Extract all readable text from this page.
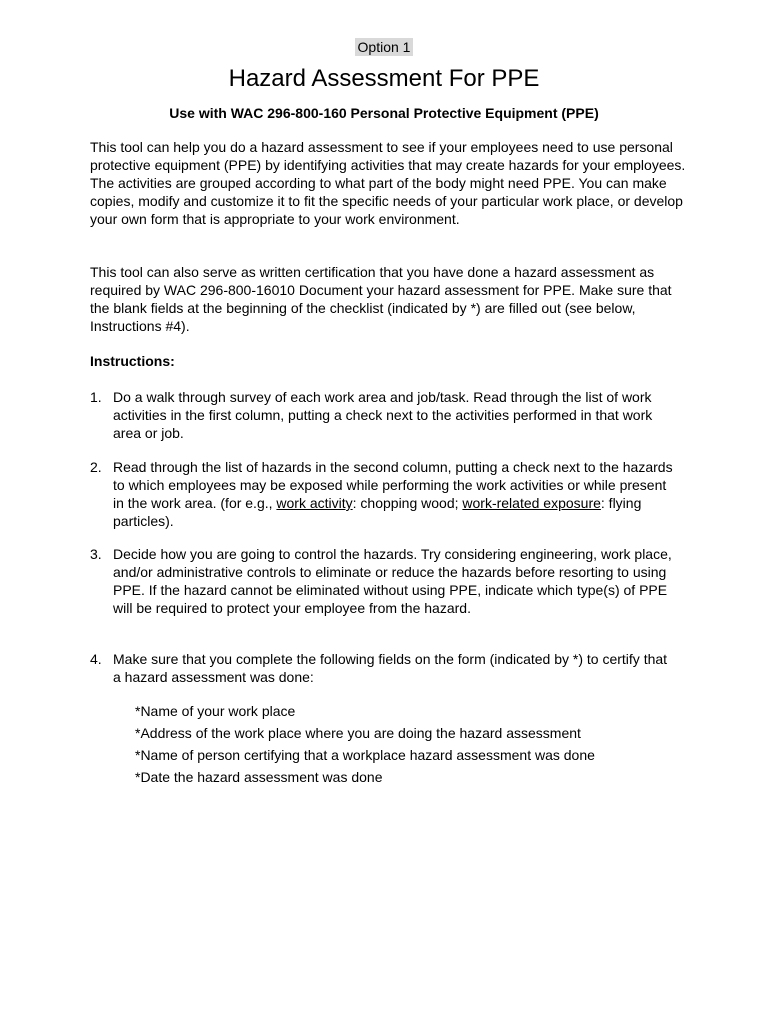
Option 1
Hazard Assessment For PPE
Use with WAC 296-800-160 Personal Protective Equipment (PPE)

This tool can help you do a hazard assessment to see if your employees need to use personal protective equipment (PPE) by identifying activities that may create hazards for your employees. The activities are grouped according to what part of the body might need PPE. You can make copies, modify and customize it to fit the specific needs of your particular work place, or develop your own form that is appropriate to your work environment.

This tool can also serve as written certification that you have done a hazard assessment as required by WAC 296-800-16010 Document your hazard assessment for PPE. Make sure that the blank fields at the beginning of the checklist (indicated by *) are filled out (see below, Instructions #4).

Instructions:

1. Do a walk through survey of each work area and job/task. Read through the list of work activities in the first column, putting a check next to the activities performed in that work area or job.
2. Read through the list of hazards in the second column, putting a check next to the hazards to which employees may be exposed while performing the work activities or while present in the work area. (for e.g., work activity: chopping wood; work-related exposure: flying particles).
3. Decide how you are going to control the hazards. Try considering engineering, work place, and/or administrative controls to eliminate or reduce the hazards before resorting to using PPE. If the hazard cannot be eliminated without using PPE, indicate which type(s) of PPE will be required to protect your employee from the hazard.
4. Make sure that you complete the following fields on the form (indicated by *) to certify that a hazard assessment was done:
*Name of your work place
*Address of the work place where you are doing the hazard assessment
*Name of person certifying that a workplace hazard assessment was done
*Date the hazard assessment was done
